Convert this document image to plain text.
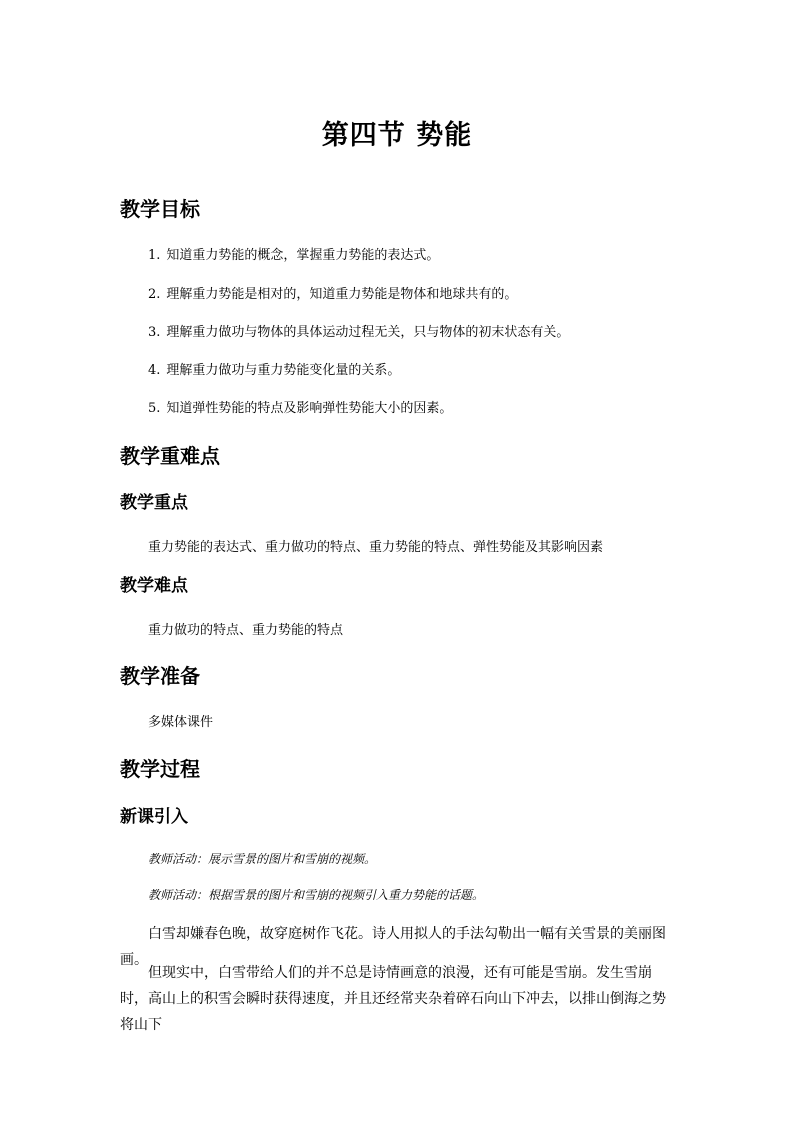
第四节 势能
教学目标
1. 知道重力势能的概念，掌握重力势能的表达式。
2. 理解重力势能是相对的，知道重力势能是物体和地球共有的。
3. 理解重力做功与物体的具体运动过程无关，只与物体的初末状态有关。
4. 理解重力做功与重力势能变化量的关系。
5. 知道弹性势能的特点及影响弹性势能大小的因素。
教学重难点
教学重点
重力势能的表达式、重力做功的特点、重力势能的特点、弹性势能及其影响因素
教学难点
重力做功的特点、重力势能的特点
教学准备
多媒体课件
教学过程
新课引入
教师活动：展示雪景的图片和雪崩的视频。
教师活动：根据雪景的图片和雪崩的视频引入重力势能的话题。
白雪却嫌春色晚，故穿庭树作飞花。诗人用拟人的手法勾勒出一幅有关雪景的美丽图画。
但现实中，白雪带给人们的并不总是诗情画意的浪漫，还有可能是雪崩。发生雪崩时，高山上的积雪会瞬时获得速度，并且还经常夹杂着碎石向山下冲去，以排山倒海之势将山下
